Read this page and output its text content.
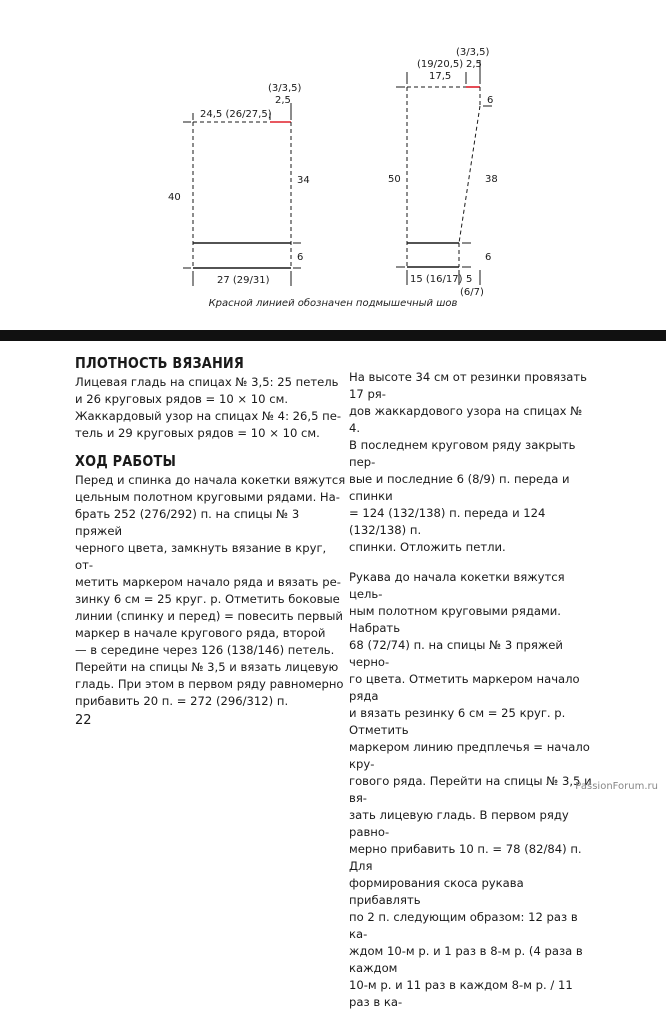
(3/3,5)
2,5
24,5 (26/27,5)
40
34
6
27 (29/31)
(3/3,5)
2,5
(19/20,5)
17,5
6
50	38
6
15 (16/17) 5
(6/7)
Красной линией обозначен подмышечный шов
ПЛОТНОСТЬ ВЯЗАНИЯ

Лицевая гладь на спицах № 3,5: 25 петель

и 26 круговых рядов = 10 × 10 см.

Жаккардовый узор на спицах № 4: 26,5 пе-

тель и 29 круговых рядов = 10 × 10 см.

ХОД РАБОТЫ

Перед и спинка до начала кокетки вяжутся

цельным полотном круговыми рядами. На-

брать 252 (276/292) п. на спицы № 3 пряжей

черного цвета, замкнуть вязание в круг, от-

метить маркером начало ряда и вязать ре-

зинку 6 см = 25 круг. р. Отметить боковые

линии (спинку и перед) = повесить первый

маркер в начале кругового ряда, второй

— в середине через 126 (138/146) петель.

Перейти на спицы № 3,5 и вязать лицевую

гладь. При этом в первом ряду равномерно

прибавить 20 п. = 272 (296/312) п.

На высоте 34 см от резинки провязать 17 ря-

дов жаккардового узора на спицах № 4.

В последнем круговом ряду закрыть пер-

вые и последние 6 (8/9) п. переда и спинки

= 124 (132/138) п. переда и 124 (132/138) п.

спинки. Отложить петли.

Рукава до начала кокетки вяжутся цель-

ным полотном круговыми рядами. Набрать

68 (72/74) п. на спицы № 3 пряжей черно-

го цвета. Отметить маркером начало ряда

и вязать резинку 6 см = 25 круг. р. Отметить

маркером линию предплечья = начало кру-

гового ряда. Перейти на спицы № 3,5 и вя-

зать лицевую гладь. В первом ряду равно-

мерно прибавить 10 п. = 78 (82/84) п. Для

формирования скоса рукава прибавлять

по 2 п. следующим образом: 12 раз в ка-

ждом 10-м р. и 1 раз в 8-м р. (4 раза в каждом

10-м р. и 11 раз в каждом 8-м р. / 11 раз в ка-

22
PassionForum.ru
